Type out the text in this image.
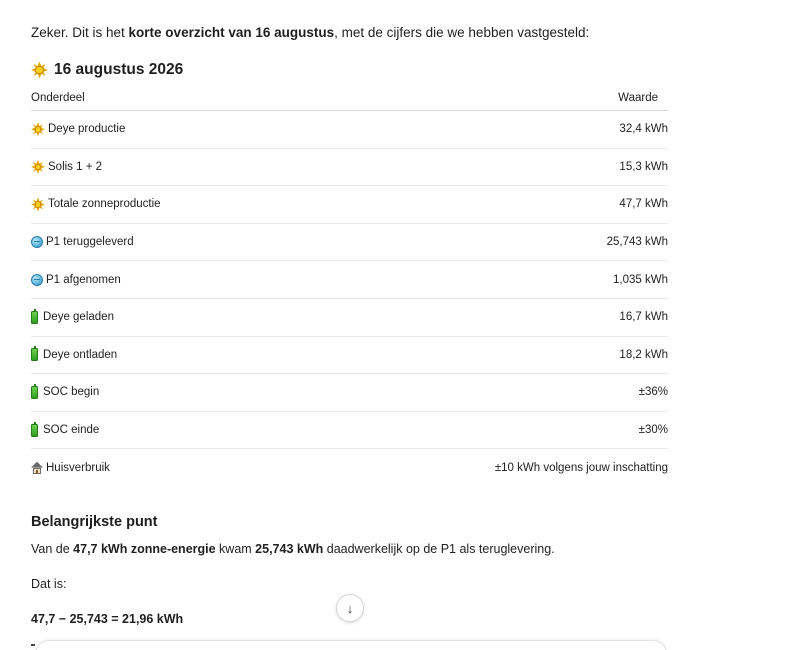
Zeker. Dit is het korte overzicht van 16 augustus, met de cijfers die we hebben vastgesteld:
16 augustus 2026
Onderdeel	Waarde

Deye productie	32,4 kWh

Solis 1 + 2	15,3 kWh

Totale zonneproductie	47,7 kWh

P1 teruggeleverd	25,743 kWh

P1 afgenomen	1,035 kWh

Deye geladen	16,7 kWh

Deye ontladen	18,2 kWh

SOC begin	±36%

SOC einde	±30%

Huisverbruik	±10 kWh volgens jouw inschatting
Belangrijkste punt
Van de 47,7 kWh zonne-energie kwam 25,743 kWh daadwerkelijk op de P1 als teruglevering.
Dat is:
47,7 − 25,743 = 21,96 kWh
↓
